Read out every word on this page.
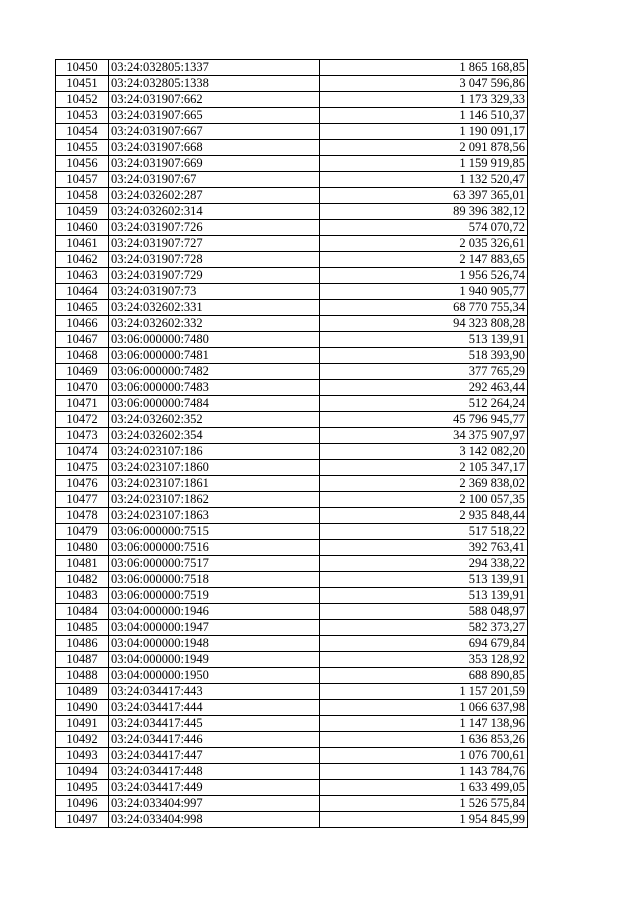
10450	03:24:032805:1337	1 865 168,85
10451	03:24:032805:1338	3 047 596,86
10452	03:24:031907:662	1 173 329,33
10453	03:24:031907:665	1 146 510,37
10454	03:24:031907:667	1 190 091,17
10455	03:24:031907:668	2 091 878,56
10456	03:24:031907:669	1 159 919,85
10457	03:24:031907:67	1 132 520,47
10458	03:24:032602:287	63 397 365,01
10459	03:24:032602:314	89 396 382,12
10460	03:24:031907:726	574 070,72
10461	03:24:031907:727	2 035 326,61
10462	03:24:031907:728	2 147 883,65
10463	03:24:031907:729	1 956 526,74
10464	03:24:031907:73	1 940 905,77
10465	03:24:032602:331	68 770 755,34
10466	03:24:032602:332	94 323 808,28
10467	03:06:000000:7480	513 139,91
10468	03:06:000000:7481	518 393,90
10469	03:06:000000:7482	377 765,29
10470	03:06:000000:7483	292 463,44
10471	03:06:000000:7484	512 264,24
10472	03:24:032602:352	45 796 945,77
10473	03:24:032602:354	34 375 907,97
10474	03:24:023107:186	3 142 082,20
10475	03:24:023107:1860	2 105 347,17
10476	03:24:023107:1861	2 369 838,02
10477	03:24:023107:1862	2 100 057,35
10478	03:24:023107:1863	2 935 848,44
10479	03:06:000000:7515	517 518,22
10480	03:06:000000:7516	392 763,41
10481	03:06:000000:7517	294 338,22
10482	03:06:000000:7518	513 139,91
10483	03:06:000000:7519	513 139,91
10484	03:04:000000:1946	588 048,97
10485	03:04:000000:1947	582 373,27
10486	03:04:000000:1948	694 679,84
10487	03:04:000000:1949	353 128,92
10488	03:04:000000:1950	688 890,85
10489	03:24:034417:443	1 157 201,59
10490	03:24:034417:444	1 066 637,98
10491	03:24:034417:445	1 147 138,96
10492	03:24:034417:446	1 636 853,26
10493	03:24:034417:447	1 076 700,61
10494	03:24:034417:448	1 143 784,76
10495	03:24:034417:449	1 633 499,05
10496	03:24:033404:997	1 526 575,84
10497	03:24:033404:998	1 954 845,99
